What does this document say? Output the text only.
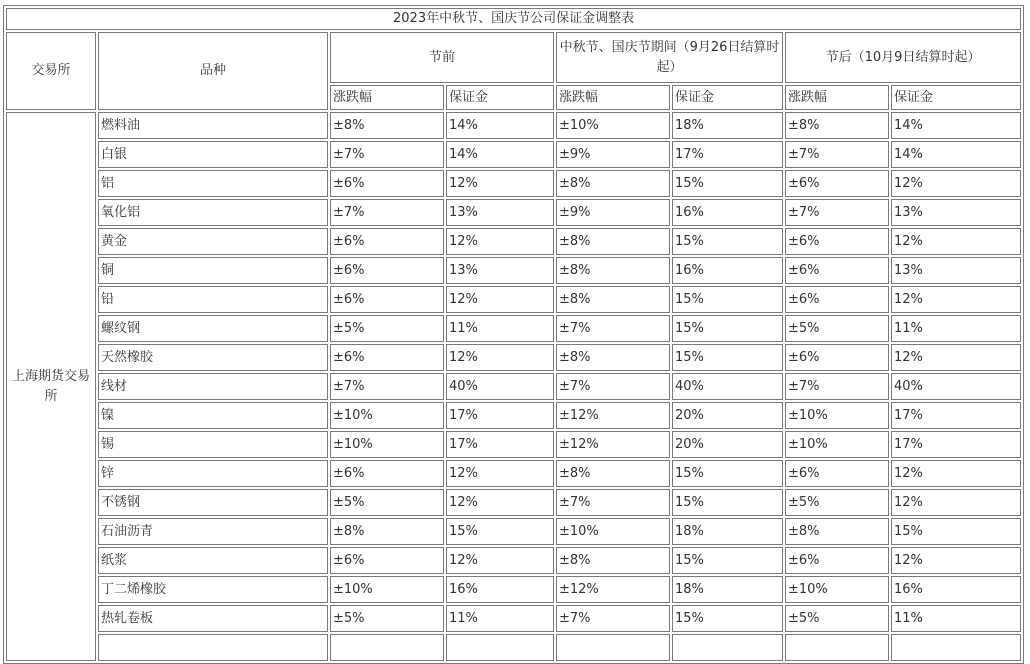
2023年中秋节、国庆节公司保证金调整表							
交易所	品种	节前		中秋节、国庆节期间（9月26日结算时起）		节后（10月9日结算时起）	
		涨跌幅	保证金	涨跌幅	保证金	涨跌幅	保证金
上海期货交易所	燃料油	±8%	14%	±10%	18%	±8%	14%
	白银	±7%	14%	±9%	17%	±7%	14%
	铝	±6%	12%	±8%	15%	±6%	12%
	氧化铝	±7%	13%	±9%	16%	±7%	13%
	黄金	±6%	12%	±8%	15%	±6%	12%
	铜	±6%	13%	±8%	16%	±6%	13%
	铅	±6%	12%	±8%	15%	±6%	12%
	螺纹钢	±5%	11%	±7%	15%	±5%	11%
	天然橡胶	±6%	12%	±8%	15%	±6%	12%
	线材	±7%	40%	±7%	40%	±7%	40%
	镍	±10%	17%	±12%	20%	±10%	17%
	锡	±10%	17%	±12%	20%	±10%	17%
	锌	±6%	12%	±8%	15%	±6%	12%
	不锈钢	±5%	12%	±7%	15%	±5%	12%
	石油沥青	±8%	15%	±10%	18%	±8%	15%
	纸浆	±6%	12%	±8%	15%	±6%	12%
	丁二烯橡胶	±10%	16%	±12%	18%	±10%	16%
	热轧卷板	±5%	11%	±7%	15%	±5%	11%
